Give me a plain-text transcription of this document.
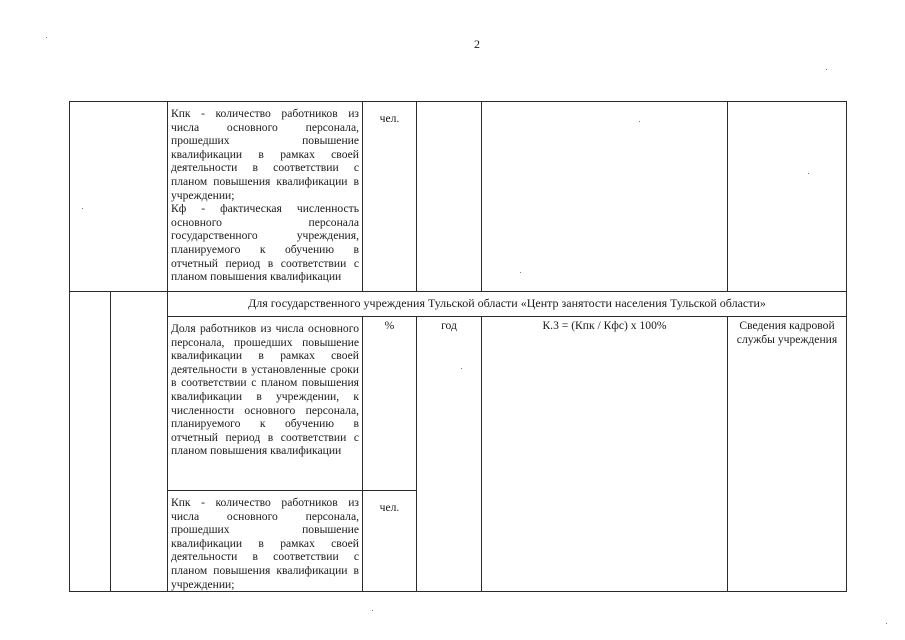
2

		Кпк - количество работников из числа основного персонала, прошедших повышение квалификации в рамках своей деятельности в соответствии с планом повышения квалификации в учреждении;

Кф - фактическая численность основного персонала государственного учреждения, планируемого к обучению в отчетный период в соответствии с планом повышения квалификации	чел.			
		Для государственного учреждения Тульской области «Центр занятости населения Тульской области»				
		Доля работников из числа основного персонала, прошедших повышение квалификации в рамках своей деятельности в установленные сроки в соответствии с планом повышения квалификации в учреждении, к численности основного персонала, планируемого к обучению в отчетный период в соответствии с планом повышения квалификации	%	год	К.3 = (Кпк / Кфс) х 100%	Сведения кадровой службы учреждения
		Кпк - количество работников из числа основного персонала, прошедших повышение квалификации в рамках своей деятельности в соответствии с планом повышения квалификации в учреждении;	чел.			
